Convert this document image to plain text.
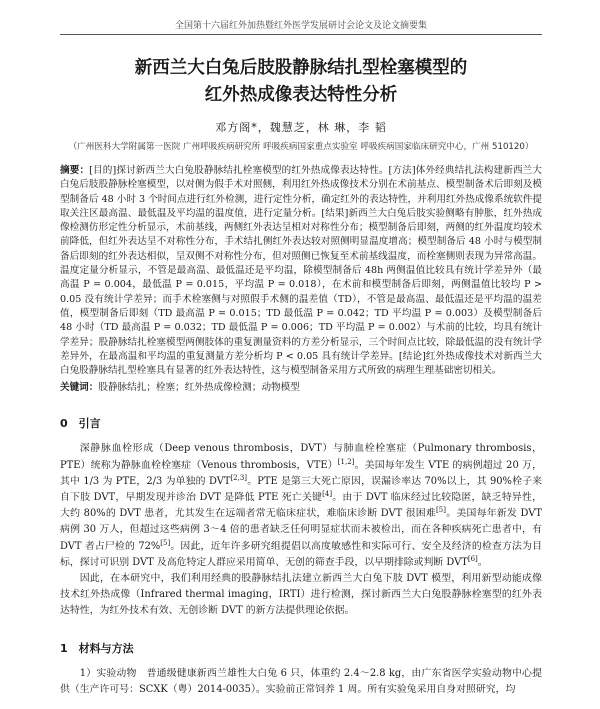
全国第十六届红外加热暨红外医学发展研讨会论文及论文摘要集
新西兰大白兔后肢股静脉结扎型栓塞模型的
红外热成像表达特性分析
邓方阁*，魏慧芝，林 琳，李 韬
（广州医科大学附属第一医院 广州呼吸疾病研究所 呼吸疾病国家重点实验室 呼吸疾病国家临床研究中心，广州 510120）
摘要：[目的]探讨新西兰大白兔股静脉结扎栓塞模型的红外热成像表达特性。[方法]体外经典结扎法构建新西兰大白兔后肢股静脉栓塞模型，以对侧为假手术对照侧，利用红外热成像技术分别在术前基点、模型制备术后即刻及模型制备后 48 小时 3 个时间点进行红外检测，进行定性分析，确定红外的表达特性，并利用红外热成像系统软件提取关注区最高温、最低温及平均温的温度值，进行定量分析。[结果]新西兰大白兔后肢实验侧略有肿胀，红外热成像检测仿形定性分析显示，术前基线，两侧红外表达呈相对对称性分布；模型制备后即刻，两侧的红外温度均较术前降低，但红外表达呈不对称性分布，手术结扎侧红外表达较对照侧明显温度增高；模型制备后 48 小时与模型制备后即刻的红外表达相似，呈双侧不对称性分布，但对照侧已恢复至术前基线温度，而栓塞侧则表现为异常高温。温度定量分析显示，不管是最高温、最低温还是平均温，除模型制备后 48h 两侧温值比较具有统计学差异外（最高温 P = 0.004，最低温 P = 0.015，平均温 P = 0.018），在术前和模型制备后即刻，两侧温值比较均 P > 0.05 没有统计学差异；而手术栓塞侧与对照假手术侧的温差值（TD），不管是最高温、最低温还是平均温的温差值，模型制备后即刻（TD 最高温 P = 0.015；TD 最低温 P = 0.042；TD 平均温 P = 0.003）及模型制备后 48 小时（TD 最高温 P = 0.032；TD 最低温 P = 0.006；TD 平均温 P = 0.002）与术前的比较，均具有统计学差异；股静脉结扎栓塞模型两侧肢体的重复测量资料的方差分析显示，三个时间点比较，除最低温的没有统计学差异外，在最高温和平均温的重复测量方差分析均 P < 0.05 具有统计学差异。[结论]红外热成像技术对新西兰大白兔股静脉结扎型栓塞具有显著的红外表达特性，这与模型制备采用方式所致的病理生理基础密切相关。
关键词：股静脉结扎；栓塞；红外热成像检测；动物模型
0　引言

深静脉血栓形成（Deep venous thrombosis，DVT）与肺血栓栓塞症（Pulmonary thrombosis，PTE）统称为静脉血栓栓塞症（Venous thrombosis，VTE）[1,2]。美国每年发生 VTE 的病例超过 20 万，其中 1/3 为 PTE，2/3 为单独的 DVT[2,3]。PTE 是第三大死亡原因，误漏诊率达 70%以上，其 90%栓子来自下肢 DVT，早期发现并诊治 DVT 是降低 PTE 死亡关键[4]。由于 DVT 临床经过比较隐匿，缺乏特异性，大约 80%的 DVT 患者，尤其发生在远端者常无临床症状，难临床诊断 DVT 很困难[5]。美国每年新发 DVT 病例 30 万人，但超过这些病例 3～4 倍的患者缺乏任何明显症状而未被检出，而在各种疾病死亡患者中，有 DVT 者占尸检的 72%[5]。因此，近年许多研究组提倡以高度敏感性和实际可行、安全及经济的检查方法为目标，探讨可识别 DVT 及高危特定人群应采用简单、无创的筛查手段，以早期排除或判断 DVT[6]。

因此，在本研究中，我们利用经典的股静脉结扎法建立新西兰大白兔下肢 DVT 模型，利用新型动能成像技术红外热成像（Infrared thermal imaging，IRTI）进行检测，探讨新西兰大白兔股静脉栓塞型的红外表达特性，为红外技术有效、无创诊断 DVT 的新方法提供理论依据。

1　材料与方法

1）实验动物　普通级健康新西兰雄性大白兔 6 只，体重约 2.4～2.8 kg，由广东省医学实验动物中心提供（生产许可号：SCXK（粤）2014-0035）。实验前正常饲养 1 周。所有实验兔采用自身对照研究，均
